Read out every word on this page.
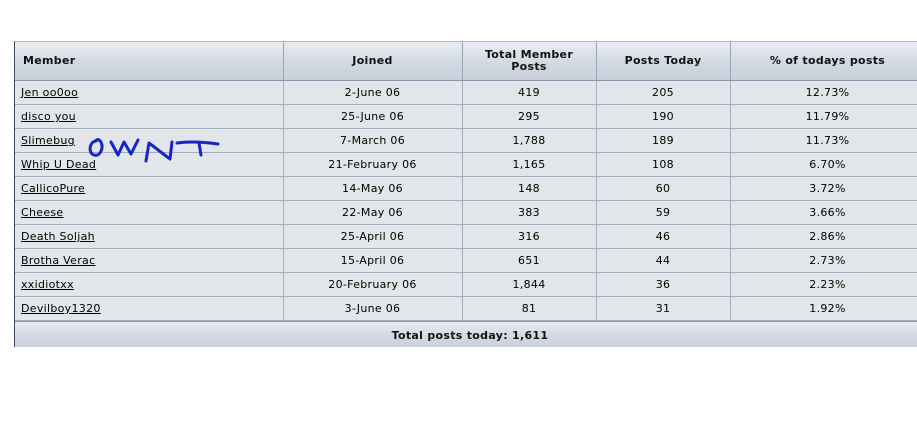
Member	Joined	Total Member Posts	Posts Today	% of todays posts
Jen oo0oo	2-June 06	419	205	12.73%
disco you	25-June 06	295	190	11.79%
Slimebug	7-March 06	1,788	189	11.73%
Whip U Dead	21-February 06	1,165	108	6.70%
CallicoPure	14-May 06	148	60	3.72%
Cheese	22-May 06	383	59	3.66%
Death Soljah	25-April 06	316	46	2.86%
Brotha Verac	15-April 06	651	44	2.73%
xxidiotxx	20-February 06	1,844	36	2.23%
Devilboy1320	3-June 06	81	31	1.92%
Total posts today: 1,611
